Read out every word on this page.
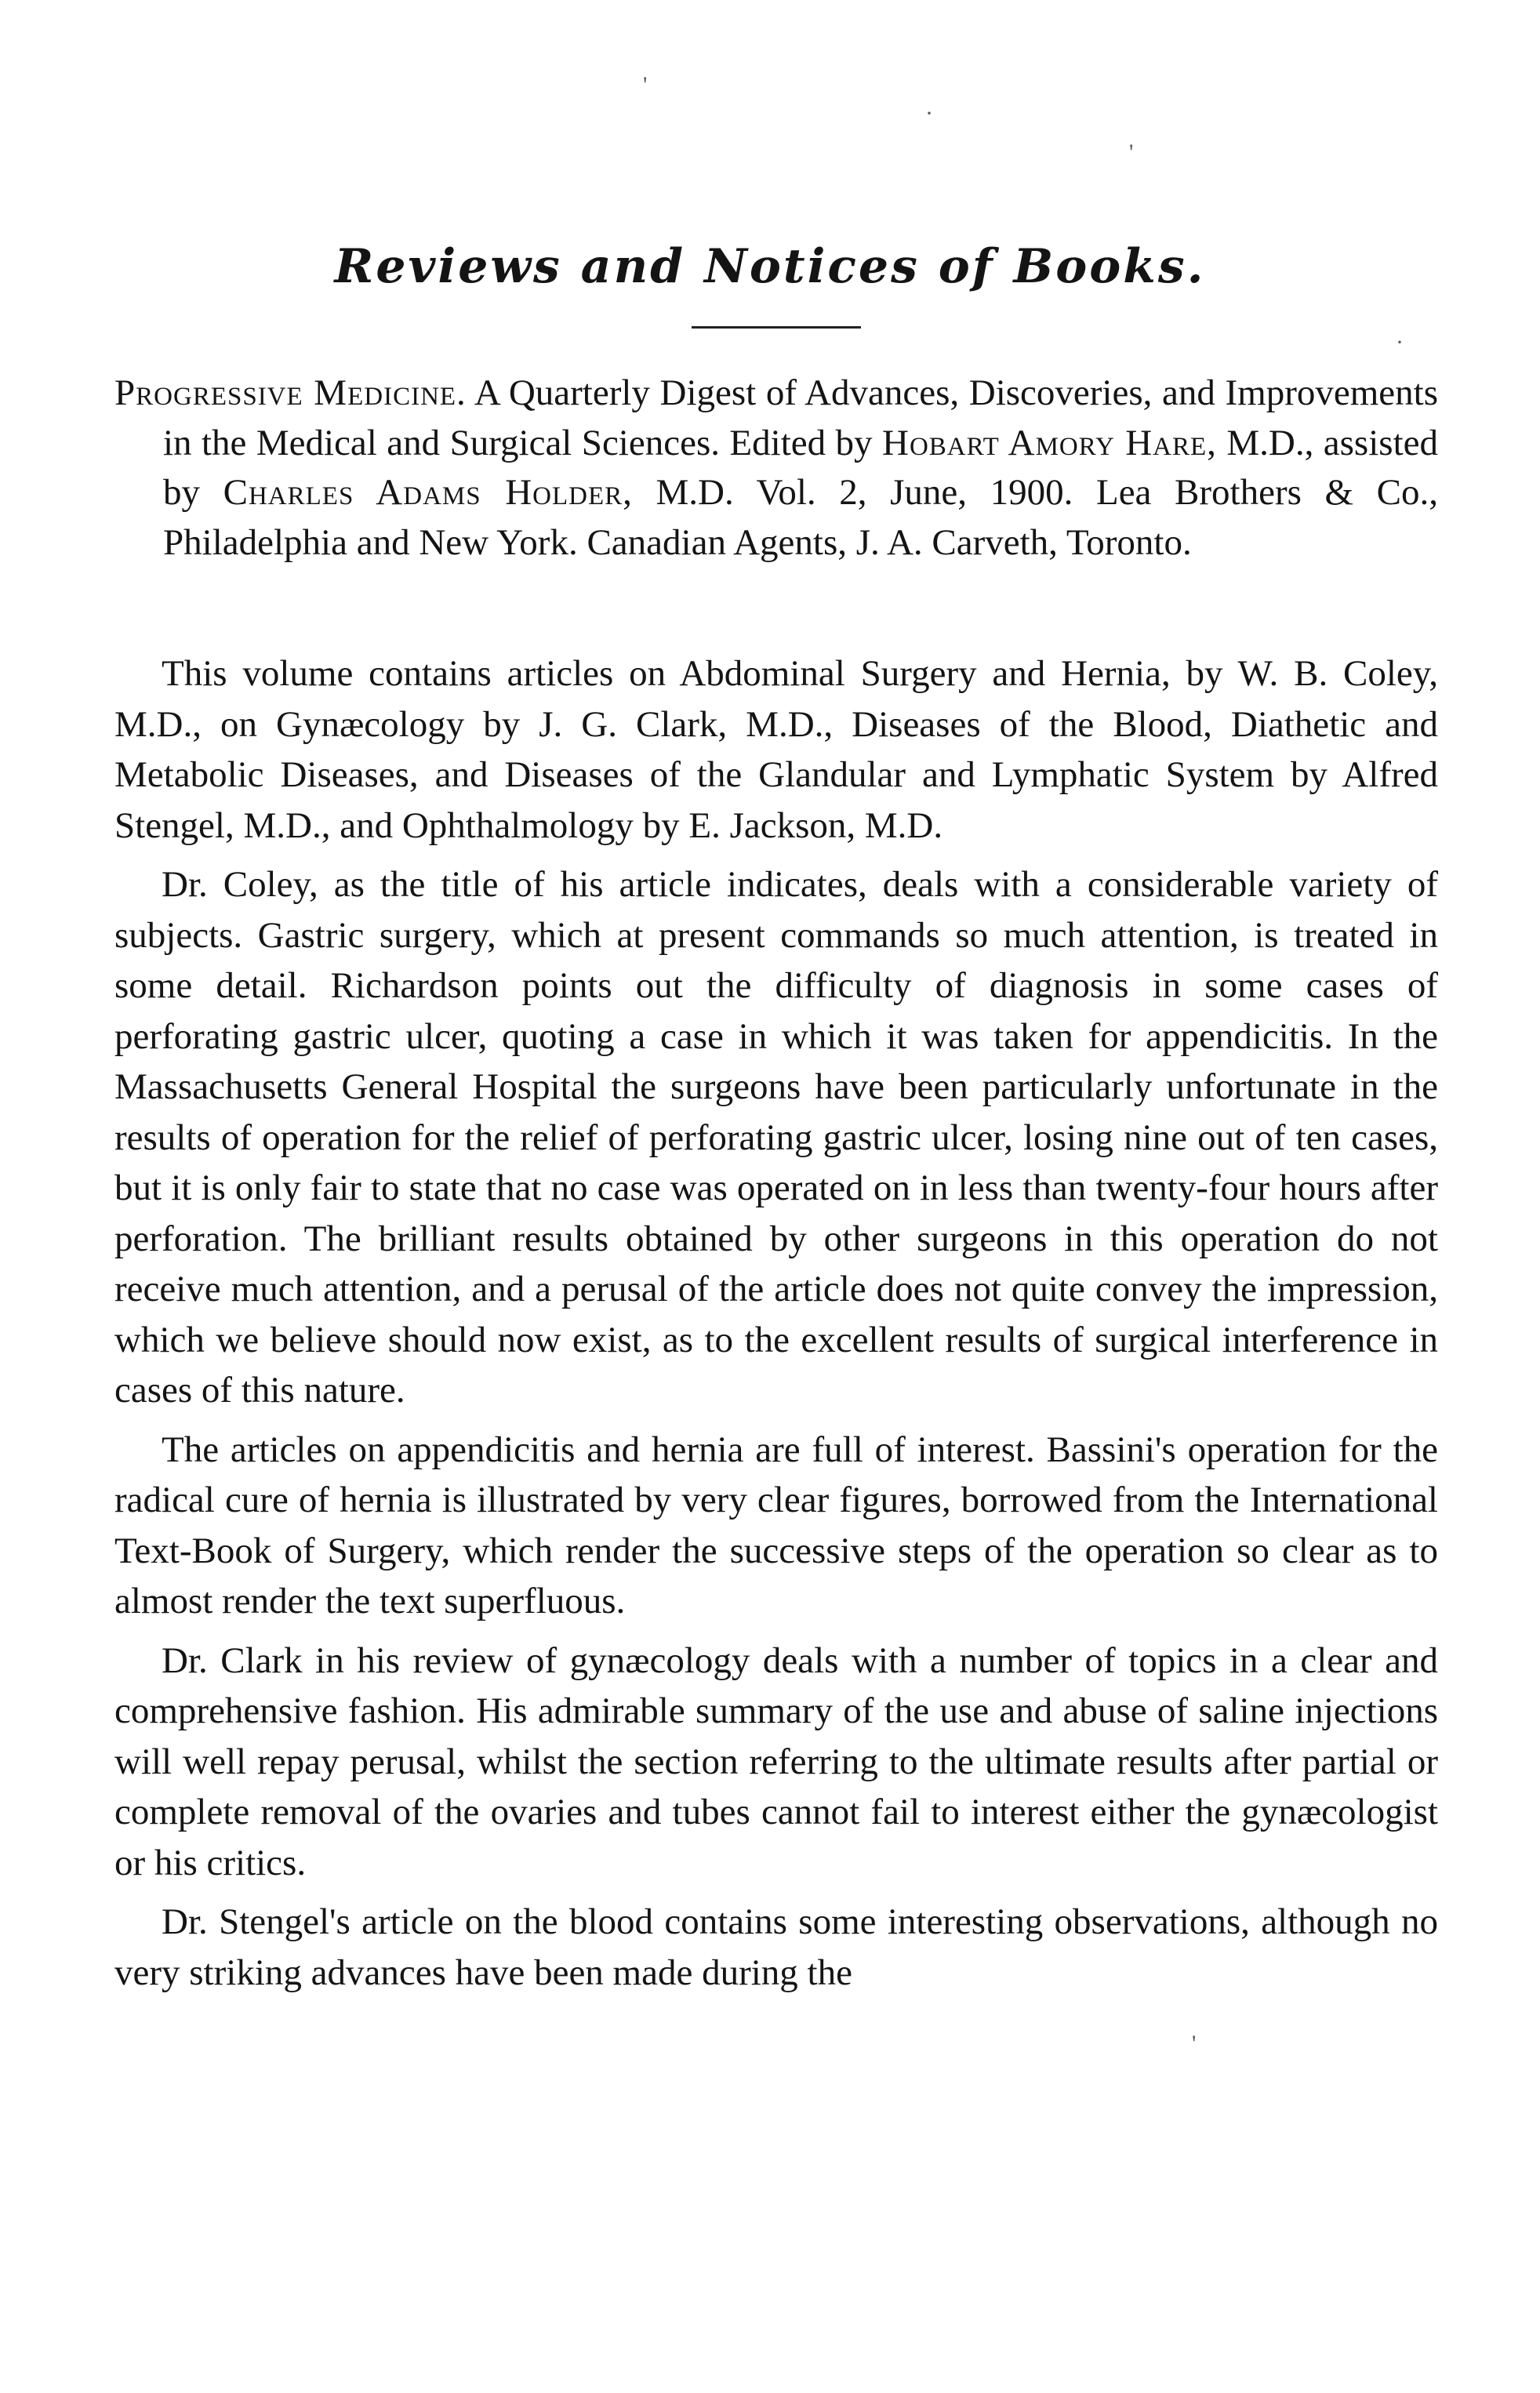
'
·
'
·
'
Reviews and Notices of Books.
Progressive Medicine. A Quarterly Digest of Advances, Discoveries, and Improvements in the Medical and Surgical Sciences. Edited by Hobart Amory Hare, M.D., assisted by Charles Adams Holder, M.D. Vol. 2, June, 1900. Lea Brothers & Co., Philadelphia and New York. Canadian Agents, J. A. Carveth, Toronto.

This volume contains articles on Abdominal Surgery and Hernia, by W. B. Coley, M.D., on Gynæcology by J. G. Clark, M.D., Diseases of the Blood, Diathetic and Metabolic Diseases, and Diseases of the Glandular and Lymphatic System by Alfred Stengel, M.D., and Ophthalmology by E. Jackson, M.D.

Dr. Coley, as the title of his article indicates, deals with a considerable variety of subjects. Gastric surgery, which at present commands so much attention, is treated in some detail. Richardson points out the difficulty of diagnosis in some cases of perforating gastric ulcer, quoting a case in which it was taken for appendicitis. In the Massachusetts General Hospital the surgeons have been particularly unfortunate in the results of operation for the relief of perforating gastric ulcer, losing nine out of ten cases, but it is only fair to state that no case was operated on in less than twenty-four hours after perforation. The brilliant results obtained by other surgeons in this operation do not receive much attention, and a perusal of the article does not quite convey the impression, which we believe should now exist, as to the excellent results of surgical interference in cases of this nature.

The articles on appendicitis and hernia are full of interest. Bassini's operation for the radical cure of hernia is illustrated by very clear figures, borrowed from the International Text-Book of Surgery, which render the successive steps of the operation so clear as to almost render the text superfluous.

Dr. Clark in his review of gynæcology deals with a number of topics in a clear and comprehensive fashion. His admirable summary of the use and abuse of saline injections will well repay perusal, whilst the section referring to the ultimate results after partial or complete removal of the ovaries and tubes cannot fail to interest either the gynæcologist or his critics.

Dr. Stengel's article on the blood contains some interesting observations, although no very striking advances have been made during the
